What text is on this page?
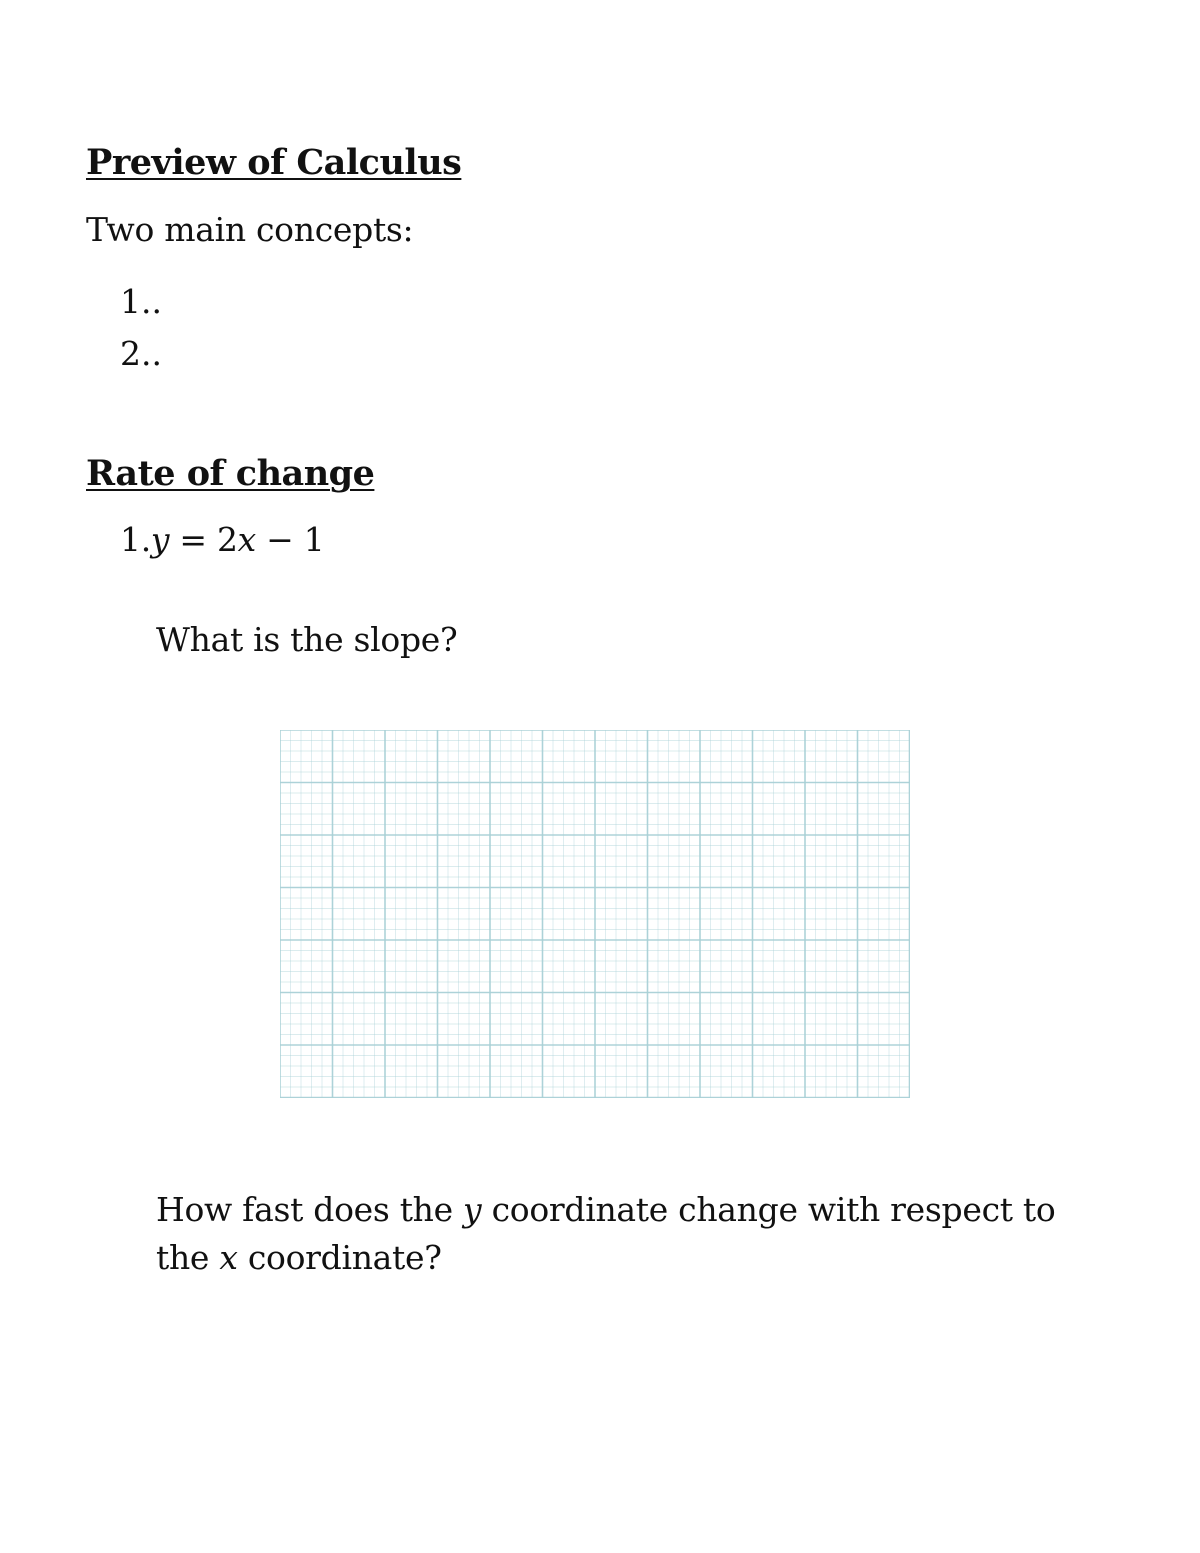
Preview of Calculus

Two main concepts:

1..
2..
Rate of change

1.y = 2x − 1

What is the slope?

How fast does the y coordinate change with respect to the x coordinate?
